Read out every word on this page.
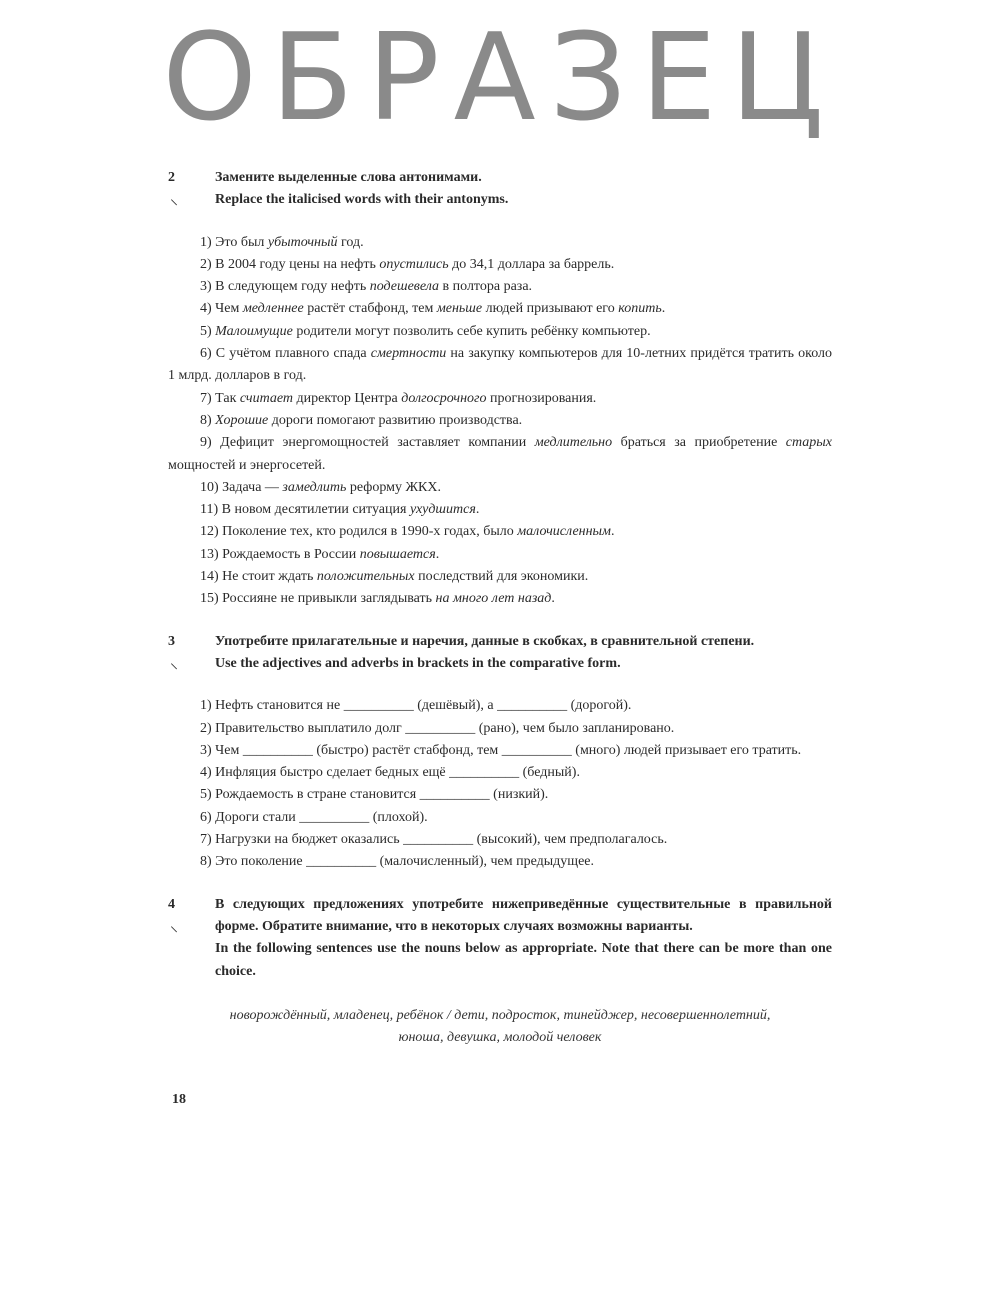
ОБРАЗЕЦ
2
⸜
Замените выделенные слова антонимами.
Replace the italicised words with their antonyms.
1) Это был убыточный год.
2) В 2004 году цены на нефть опустились до 34,1 доллара за баррель.
3) В следующем году нефть подешевела в полтора раза.
4) Чем медленнее растёт стабфонд, тем меньше людей призывают его копить.
5) Малоимущие родители могут позволить себе купить ребёнку компьютер.
6) С учётом плавного спада смертности на закупку компьютеров для 10-летних придётся тратить около 1 млрд. долларов в год.
7) Так считает директор Центра долгосрочного прогнозирования.
8) Хорошие дороги помогают развитию производства.
9) Дефицит энергомощностей заставляет компании медлительно браться за приобретение старых мощностей и энергосетей.
10) Задача — замедлить реформу ЖКХ.
11) В новом десятилетии ситуация ухудшится.
12) Поколение тех, кто родился в 1990-х годах, было малочисленным.
13) Рождаемость в России повышается.
14) Не стоит ждать положительных последствий для экономики.
15) Россияне не привыкли заглядывать на много лет назад.
3
⸜
Употребите прилагательные и наречия, данные в скобках, в сравнительной степени.
Use the adjectives and adverbs in brackets in the comparative form.
1) Нефть становится не __________ (дешёвый), а __________ (дорогой).
2) Правительство выплатило долг __________ (рано), чем было запланировано.
3) Чем __________ (быстро) растёт стабфонд, тем __________ (много) людей призывает его тратить.
4) Инфляция быстро сделает бедных ещё __________ (бедный).
5) Рождаемость в стране становится __________ (низкий).
6) Дороги стали __________ (плохой).
7) Нагрузки на бюджет оказались __________ (высокий), чем предполагалось.
8) Это поколение __________ (малочисленный), чем предыдущее.
4
⸜
В следующих предложениях употребите нижеприведённые существительные в правильной форме. Обратите внимание, что в некоторых случаях возможны варианты.
In the following sentences use the nouns below as appropriate. Note that there can be more than one choice.
новорождённый, младенец, ребёнок / дети, подросток, тинейджер, несовершеннолетний, юноша, девушка, молодой человек
18
